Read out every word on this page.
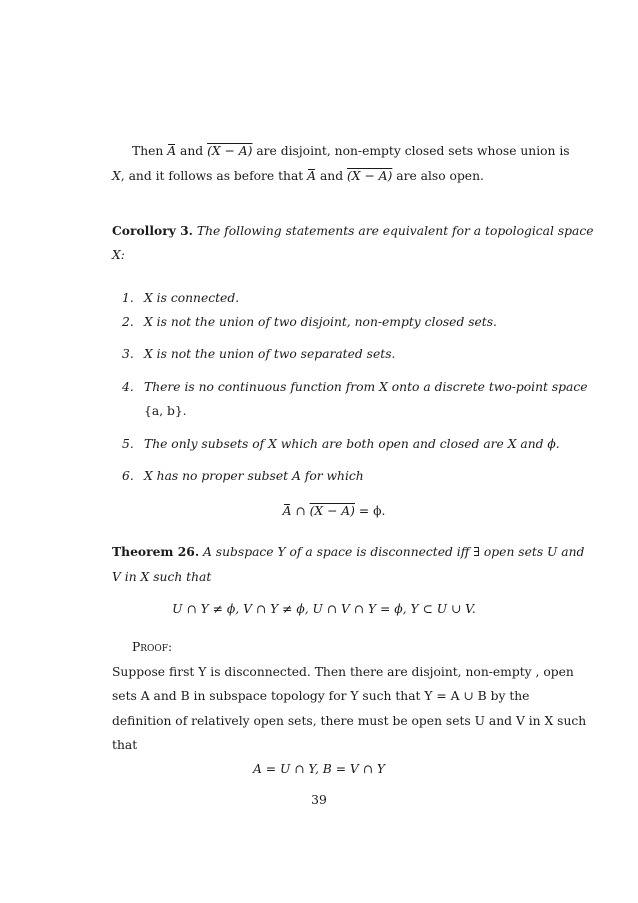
Then A and (X − A) are disjoint, non-empty closed sets whose union is
X, and it follows as before that A and (X − A) are also open.
Corollory 3. The following statements are equivalent for a topological space
X:
1. X is connected.
2. X is not the union of two disjoint, non-empty closed sets.
3. X is not the union of two separated sets.
4. There is no continuous function from X onto a discrete two-point space
{a, b}.
5. The only subsets of X which are both open and closed are X and ϕ.
6. X has no proper subset A for which
A ∩ (X − A) = ϕ.
Theorem 26. A subspace Y of a space is disconnected iff ∃ open sets U and
V in X such that
U ∩ Y ≠ ϕ, V ∩ Y ≠ ϕ, U ∩ V ∩ Y = ϕ, Y ⊂ U ∪ V.
Proof:
Suppose first Y is disconnected. Then there are disjoint, non-empty , open
sets A and B in subspace topology for Y such that Y = A ∪ B by the
definition of relatively open sets, there must be open sets U and V in X such
that
A = U ∩ Y, B = V ∩ Y
39
